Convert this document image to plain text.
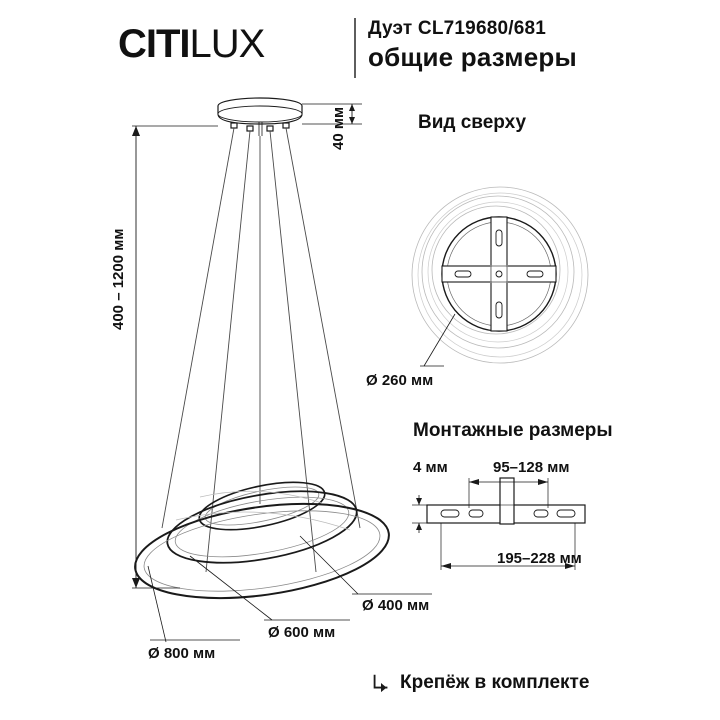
CITILUX	Дуэт CL719680/681
общие размеры
Вид сверху
Монтажные размеры
40 мм
400 – 1200 мм
Ø 800 мм
Ø 600 мм
Ø 400 мм
Ø 260 мм
4 мм	95–128 мм
195–228 мм
Крепёж в комплекте
